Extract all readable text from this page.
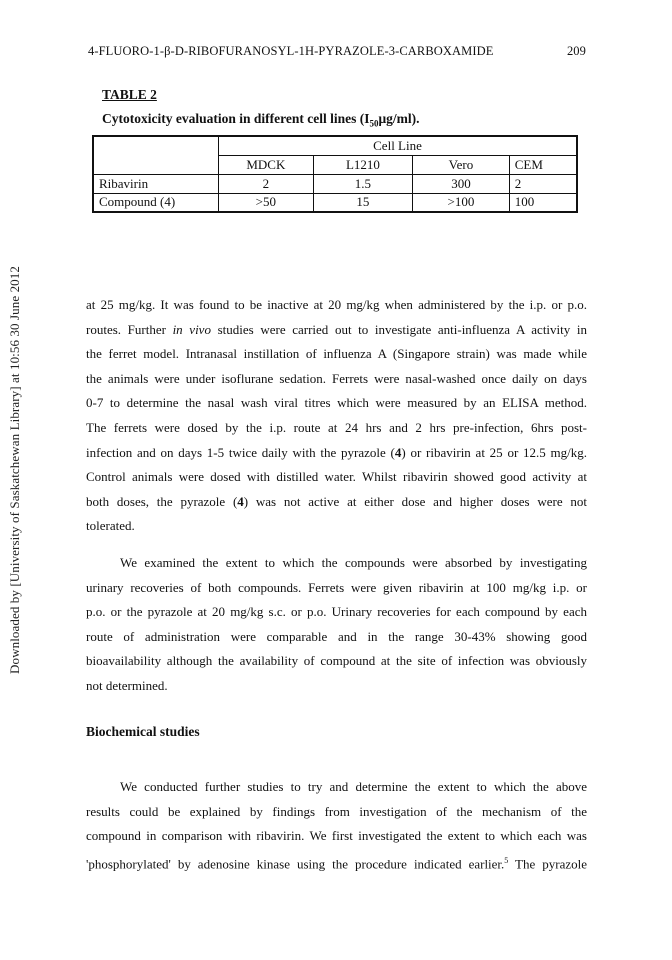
Downloaded by [University of Saskatchewan Library] at 10:56 30 June 2012
4-FLUORO-1-β-D-RIBOFURANOSYL-1H-PYRAZOLE-3-CARBOXAMIDE	209
TABLE 2
Cytotoxicity evaluation in different cell lines $(I_{50}\mu g/ml)$.
	Cell Line			
	MDCK	L1210	Vero	CEM
Ribavirin	2	1.5	300	2
Compound (4)	>50	15	>100	100
at 25 mg/kg. It was found to be inactive at 20 mg/kg when administered by the i.p. or p.o.
routes. Further in vivo studies were carried out to investigate anti-influenza A activity in
the ferret model. Intranasal instillation of influenza A (Singapore strain) was made while
the animals were under isoflurane sedation. Ferrets were nasal-washed once daily on days
0-7 to determine the nasal wash viral titres which were measured by an ELISA method.
The ferrets were dosed by the i.p. route at 24 hrs and 2 hrs pre-infection, 6hrs post-
infection and on days 1-5 twice daily with the pyrazole (4) or ribavirin at 25 or 12.5 mg/kg.
Control animals were dosed with distilled water. Whilst ribavirin showed good activity at
both doses, the pyrazole (4) was not active at either dose and higher doses were not
tolerated.
We examined the extent to which the compounds were absorbed by investigating
urinary recoveries of both compounds. Ferrets were given ribavirin at 100 mg/kg i.p. or
p.o. or the pyrazole at 20 mg/kg s.c. or p.o. Urinary recoveries for each compound by each
route of administration were comparable and in the range 30-43% showing good
bioavailability although the availability of compound at the site of infection was obviously
not determined.
Biochemical studies
We conducted further studies to try and determine the extent to which the above
results could be explained by findings from investigation of the mechanism of the
compound in comparison with ribavirin. We first investigated the extent to which each was
'phosphorylated' by adenosine kinase using the procedure indicated earlier.$^5$ The pyrazole
